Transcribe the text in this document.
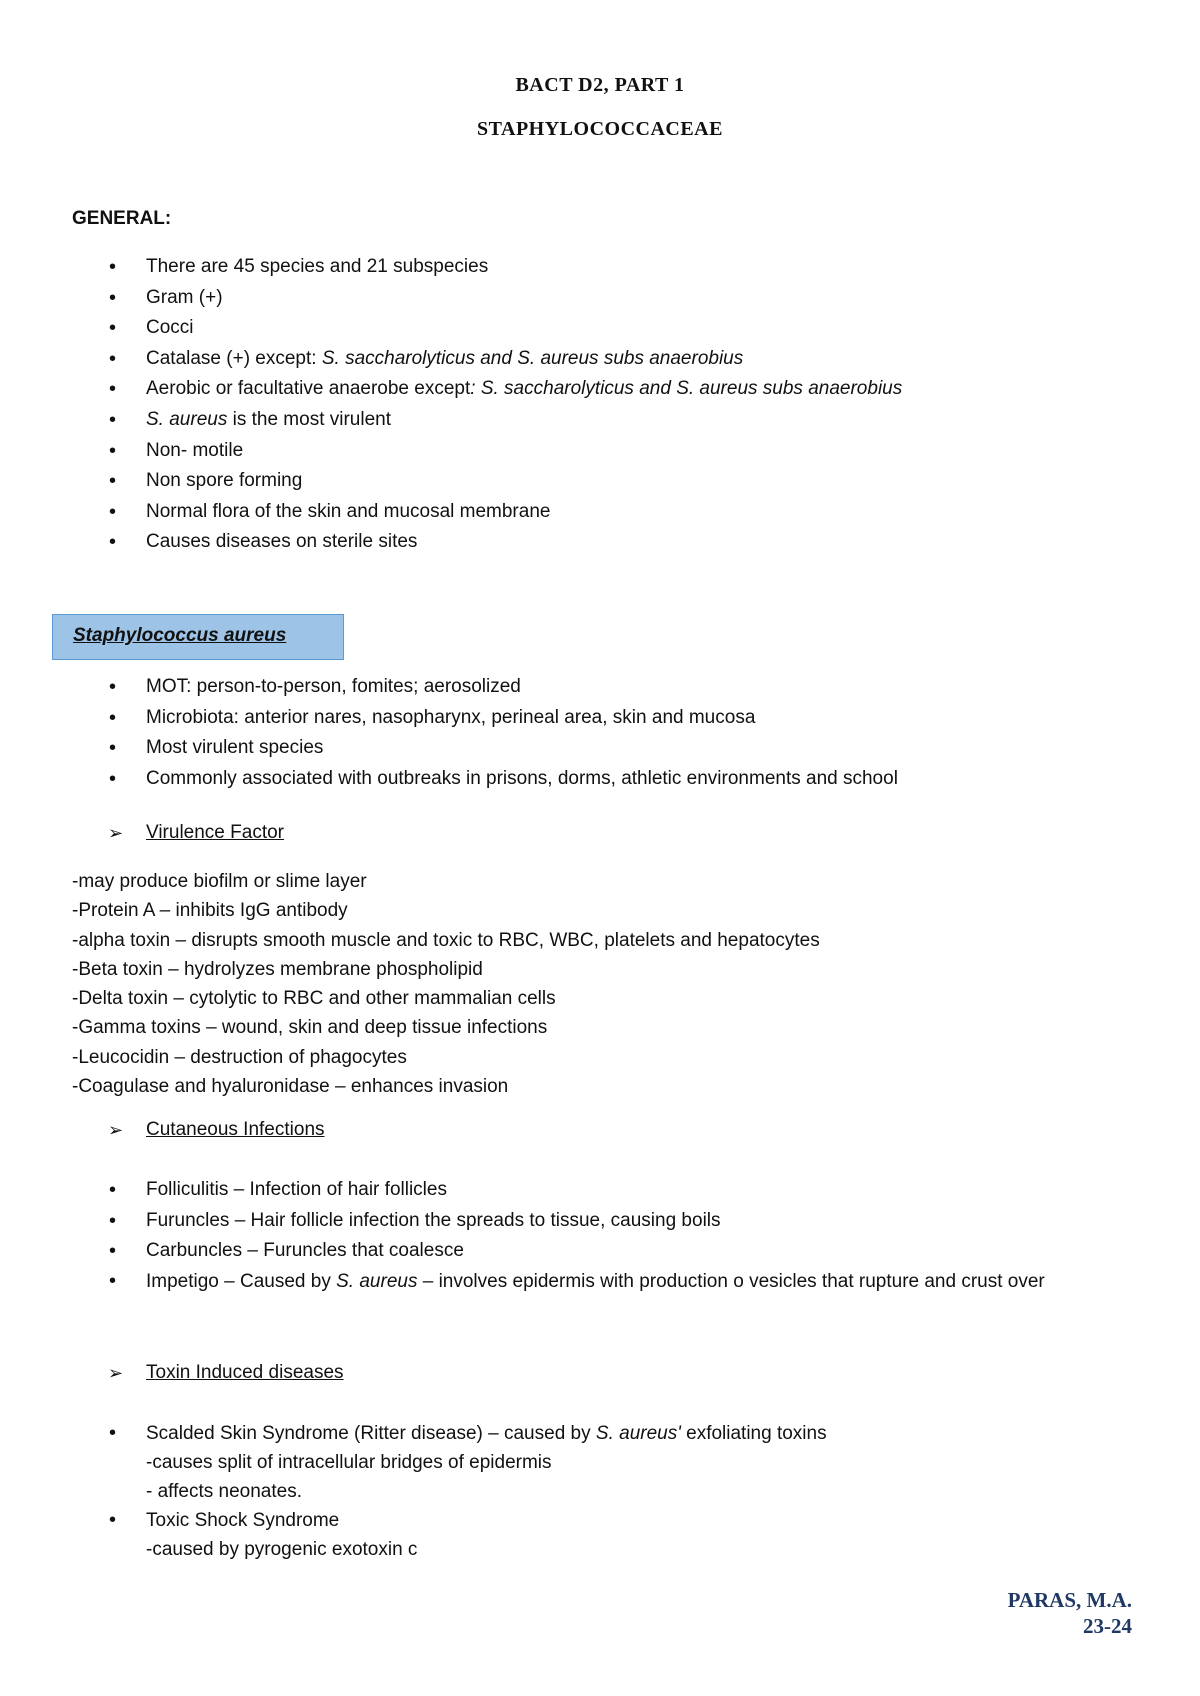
BACT D2, PART 1
STAPHYLOCOCCACEAE
GENERAL:
• There are 45 species and 21 subspecies
• Gram (+)
• Cocci
• Catalase (+) except: S. saccharolyticus and S. aureus subs anaerobius
• Aerobic or facultative anaerobe except: S. saccharolyticus and S. aureus subs anaerobius
• S. aureus is the most virulent
• Non- motile
• Non spore forming
• Normal flora of the skin and mucosal membrane
• Causes diseases on sterile sites
Staphylococcus aureus
• MOT: person-to-person, fomites; aerosolized
• Microbiota: anterior nares, nasopharynx, perineal area, skin and mucosa
• Most virulent species
• Commonly associated with outbreaks in prisons, dorms, athletic environments and school
➢	Virulence Factor
-may produce biofilm or slime layer
-Protein A – inhibits IgG antibody
-alpha toxin – disrupts smooth muscle and toxic to RBC, WBC, platelets and hepatocytes
-Beta toxin – hydrolyzes membrane phospholipid
-Delta toxin – cytolytic to RBC and other mammalian cells
-Gamma toxins – wound, skin and deep tissue infections
-Leucocidin – destruction of phagocytes
-Coagulase and hyaluronidase – enhances invasion
➢	Cutaneous Infections
• Folliculitis – Infection of hair follicles
• Furuncles – Hair follicle infection the spreads to tissue, causing boils
• Carbuncles – Furuncles that coalesce
• Impetigo – Caused by S. aureus – involves epidermis with production o vesicles that rupture and crust over
➢	Toxin Induced diseases
• Scalded Skin Syndrome (Ritter disease) – caused by S. aureus' exfoliating toxins
-causes split of intracellular bridges of epidermis
- affects neonates.
• Toxic Shock Syndrome
-caused by pyrogenic exotoxin c
PARAS, M.A.
23-24
